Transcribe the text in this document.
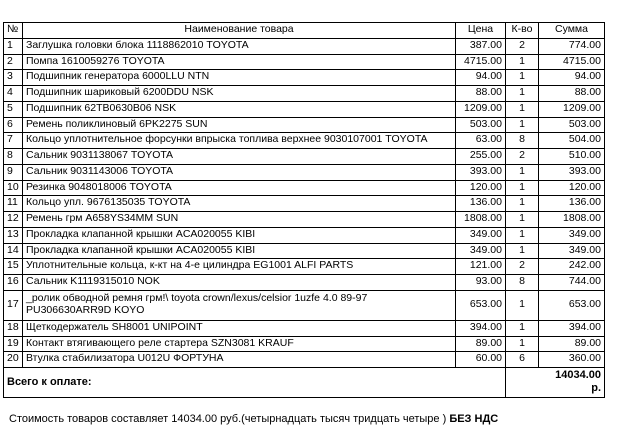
№	Наименование товара	Цена	К-во	Сумма
1	Заглушка головки блока 1118862010 TOYOTA	387.00	2	774.00
2	Помпа 1610059276 TOYOTA	4715.00	1	4715.00
3	Подшипник генератора 6000LLU NTN	94.00	1	94.00
4	Подшипник шариковый 6200DDU NSK	88.00	1	88.00
5	Подшипник 62TB0630B06 NSK	1209.00	1	1209.00
6	Ремень поликлиновый 6PK2275 SUN	503.00	1	503.00
7	Кольцо уплотнительное форсунки впрыска топлива верхнее 9030107001 TOYOTA	63.00	8	504.00
8	Сальник 9031138067 TOYOTA	255.00	2	510.00
9	Сальник 9031143006 TOYOTA	393.00	1	393.00
10	Резинка 9048018006 TOYOTA	120.00	1	120.00
11	Кольцо упл. 9676135035 TOYOTA	136.00	1	136.00
12	Ремень грм A658YS34MM SUN	1808.00	1	1808.00
13	Прокладка клапанной крышки ACA020055 KIBI	349.00	1	349.00
14	Прокладка клапанной крышки ACA020055 KIBI	349.00	1	349.00
15	Уплотнительные кольца, к-кт на 4-е цилиндра EG1001 ALFI PARTS	121.00	2	242.00
16	Сальник K1119315010 NOK	93.00	8	744.00
17	_ролик обводной ремня грм!\ toyota crown/lexus/celsior 1uzfe 4.0 89-97
PU306630ARR9D KOYO	653.00	1	653.00
18	Щеткодержатель SH8001 UNIPOINT	394.00	1	394.00
19	Контакт втягивающего реле стартера SZN3081 KRAUF	89.00	1	89.00
20	Втулка стабилизатора U012U ФОРТУНА	60.00	6	360.00
Всего к оплате:			14034.00
р.	

Стоимость товаров составляет 14034.00 руб.(четырнадцать тысяч тридцать четыре ) БЕЗ НДС
